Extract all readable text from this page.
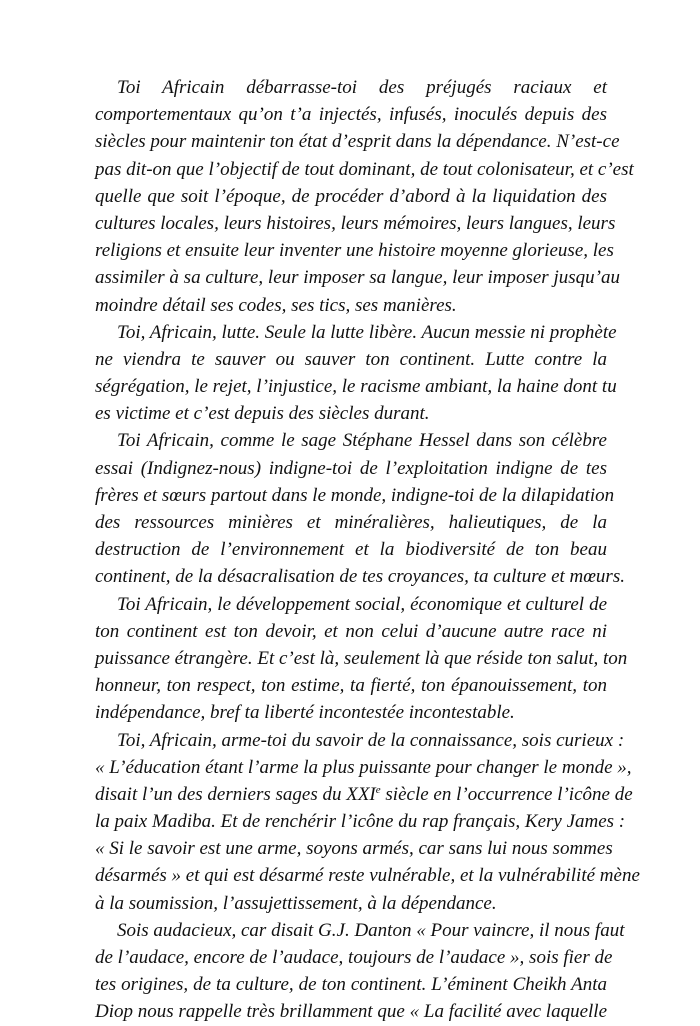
Toi Africain débarrasse-toi des préjugés raciaux et
comportementaux qu’on t’a injectés, infusés, inoculés depuis des
siècles pour maintenir ton état d’esprit dans la dépendance. N’est-ce
pas dit-on que l’objectif de tout dominant, de tout colonisateur, et c’est
quelle que soit l’époque, de procéder d’abord à la liquidation des
cultures locales, leurs histoires, leurs mémoires, leurs langues, leurs
religions et ensuite leur inventer une histoire moyenne glorieuse, les
assimiler à sa culture, leur imposer sa langue, leur imposer jusqu’au
moindre détail ses codes, ses tics, ses manières.

Toi, Africain, lutte. Seule la lutte libère. Aucun messie ni prophète
ne viendra te sauver ou sauver ton continent. Lutte contre la
ségrégation, le rejet, l’injustice, le racisme ambiant, la haine dont tu
es victime et c’est depuis des siècles durant.

Toi Africain, comme le sage Stéphane Hessel dans son célèbre
essai (Indignez-nous) indigne-toi de l’exploitation indigne de tes
frères et sœurs partout dans le monde, indigne-toi de la dilapidation
des ressources minières et minéralières, halieutiques, de la
destruction de l’environnement et la biodiversité de ton beau
continent, de la désacralisation de tes croyances, ta culture et mœurs.

Toi Africain, le développement social, économique et culturel de
ton continent est ton devoir, et non celui d’aucune autre race ni
puissance étrangère. Et c’est là, seulement là que réside ton salut, ton
honneur, ton respect, ton estime, ta fierté, ton épanouissement, ton
indépendance, bref ta liberté incontestée incontestable.

Toi, Africain, arme-toi du savoir de la connaissance, sois curieux :
« L’éducation étant l’arme la plus puissante pour changer le monde »,
disait l’un des derniers sages du XXIe siècle en l’occurrence l’icône de
la paix Madiba. Et de renchérir l’icône du rap français, Kery James :
« Si le savoir est une arme, soyons armés, car sans lui nous sommes
désarmés » et qui est désarmé reste vulnérable, et la vulnérabilité mène
à la soumission, l’assujettissement, à la dépendance.

Sois audacieux, car disait G.J. Danton « Pour vaincre, il nous faut
de l’audace, encore de l’audace, toujours de l’audace », sois fier de
tes origines, de ta culture, de ton continent. L’éminent Cheikh Anta
Diop nous rappelle très brillamment que « La facilité avec laquelle
